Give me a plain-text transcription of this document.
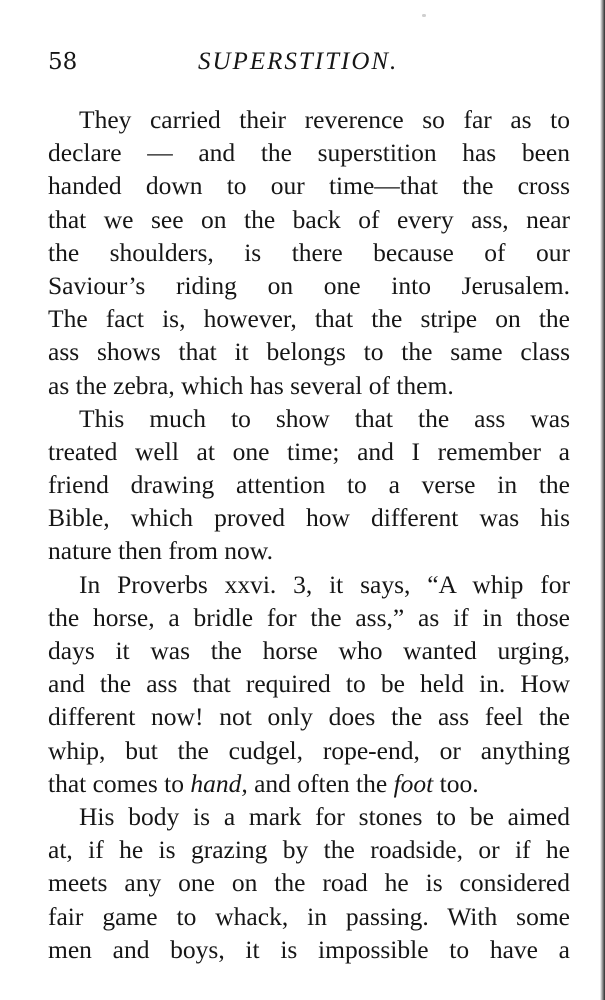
58	SUPERSTITION.
They carried their reverence so far as to
declare — and the superstition has been
handed down to our time—that the cross
that we see on the back of every ass, near
the shoulders, is there because of our
Saviour’s riding on one into Jerusalem.
The fact is, however, that the stripe on the
ass shows that it belongs to the same class
as the zebra, which has several of them.
This much to show that the ass was
treated well at one time; and I remember a
friend drawing attention to a verse in the
Bible, which proved how different was his
nature then from now.
In Proverbs xxvi. 3, it says, “A whip for
the horse, a bridle for the ass,” as if in those
days it was the horse who wanted urging,
and the ass that required to be held in. How
different now! not only does the ass feel the
whip, but the cudgel, rope-end, or anything
that comes to hand, and often the foot too.
His body is a mark for stones to be aimed
at, if he is grazing by the roadside, or if he
meets any one on the road he is considered
fair game to whack, in passing. With some
men and boys, it is impossible to have a
